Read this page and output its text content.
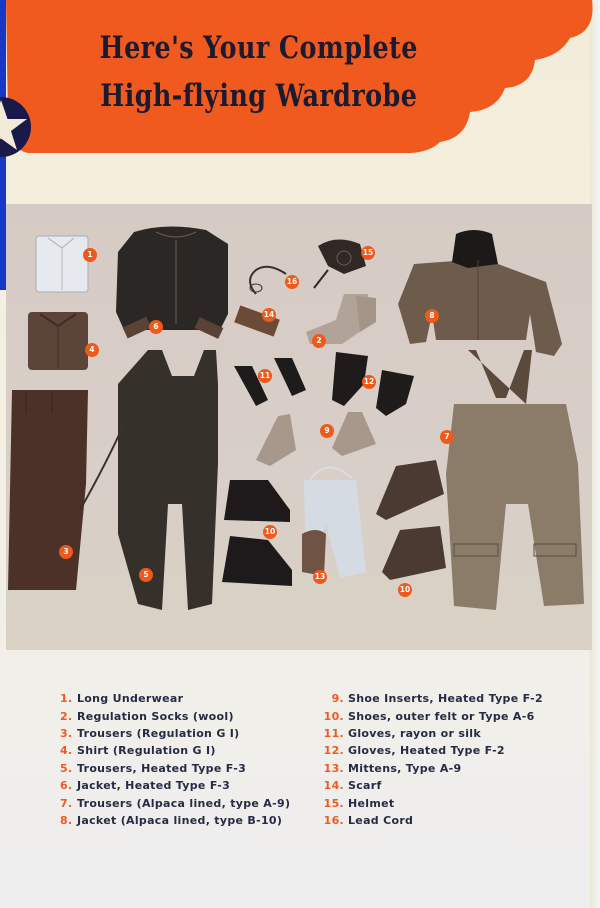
Here's Your Complete
High-flying Wardrobe
1
2
3
4
5
6
7
8
9
10
10
11
12
13
14
15
16
1. Long Underwear
2. Regulation Socks (wool)
3. Trousers (Regulation G I)
4. Shirt (Regulation G I)
5. Trousers, Heated Type F-3
6. Jacket, Heated Type F-3
7. Trousers (Alpaca lined, type A-9)
8. Jacket (Alpaca lined, type B-10)
9. Shoe Inserts, Heated Type F-2
10. Shoes, outer felt or Type A-6
11. Gloves, rayon or silk
12. Gloves, Heated Type F-2
13. Mittens, Type A-9
14. Scarf
15. Helmet
16. Lead Cord
